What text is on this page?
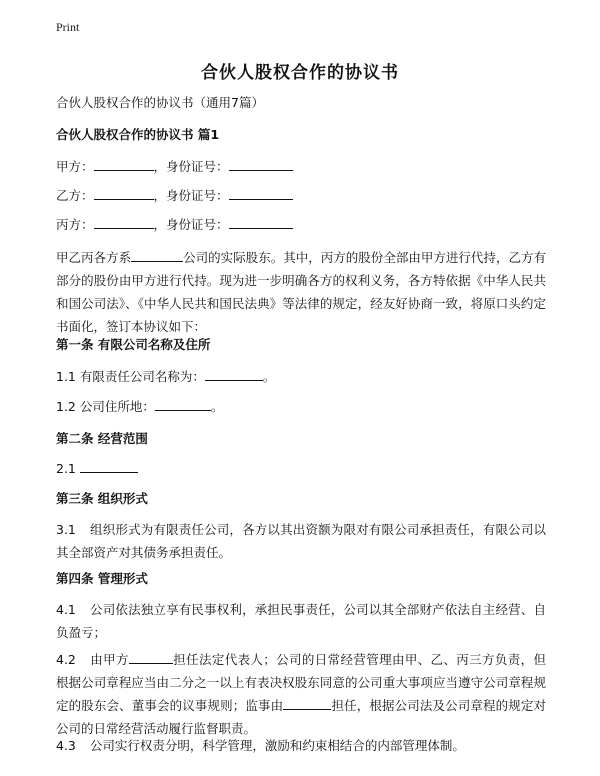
Print
合伙人股权合作的协议书
合伙人股权合作的协议书（通用7篇）
合伙人股权合作的协议书 篇1
甲方：	，身份证号：
乙方：	，身份证号：
丙方：	，身份证号：
甲乙丙各方系	公司的实际股东。其中，丙方的股份全部由甲方进行代持，乙方有部分的股份由甲方进行代持。现为进一步明确各方的权利义务，各方特依据《中华人民共和国公司法》、《中华人民共和国民法典》等法律的规定，经友好协商一致，将原口头约定书面化，签订本协议如下：
第一条 有限公司名称及住所
1.1 有限责任公司名称为：	。
1.2 公司住所地：	。
第二条 经营范围
2.1
第三条 组织形式
3.1 组织形式为有限责任公司，各方以其出资额为限对有限公司承担责任，有限公司以其全部资产对其债务承担责任。
第四条 管理形式
4.1 公司依法独立享有民事权利，承担民事责任，公司以其全部财产依法自主经营、自负盈亏；
4.2 由甲方	担任法定代表人；公司的日常经营管理由甲、乙、丙三方负责，但根据公司章程应当由二分之一以上有表决权股东同意的公司重大事项应当遵守公司章程规定的股东会、董事会的议事规则；监事由	担任，根据公司法及公司章程的规定对公司的日常经营活动履行监督职责。
4.3 公司实行权责分明，科学管理，激励和约束相结合的内部管理体制。
